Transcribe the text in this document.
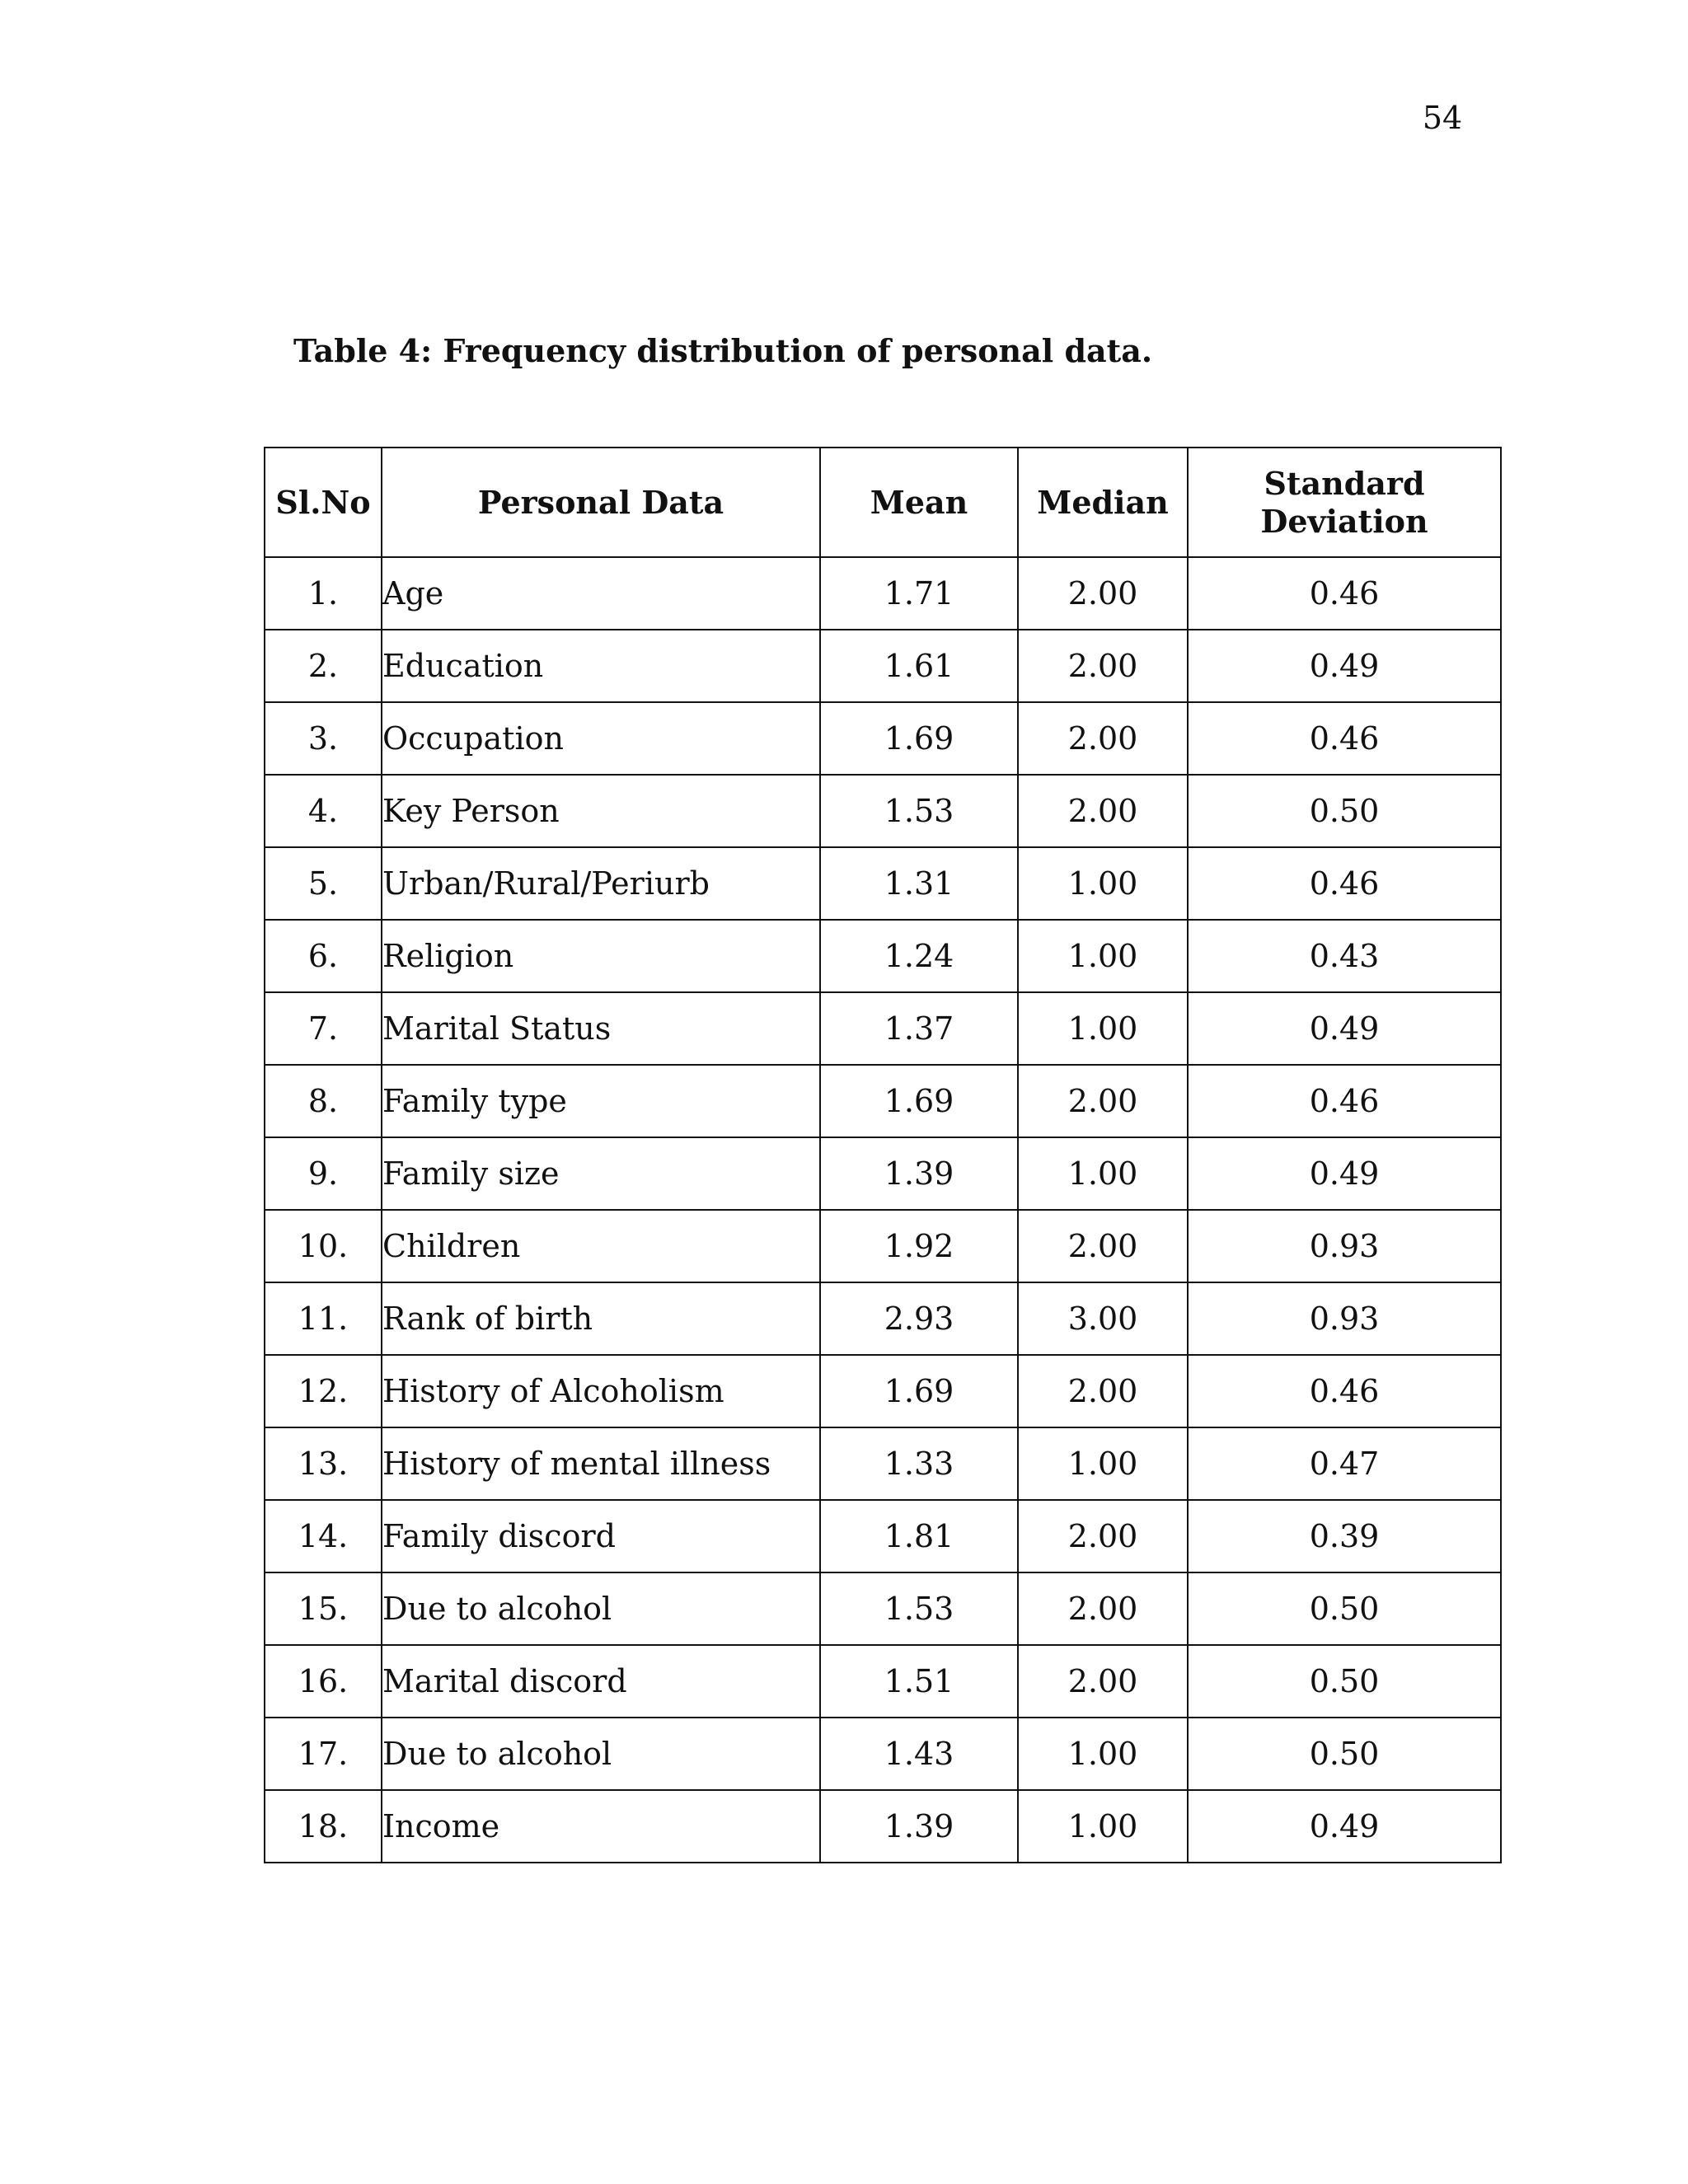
54
Table 4: Frequency distribution of personal data.
Sl.No	Personal Data	Mean	Median	Standard
Deviation

1.	Age	1.71	2.00	0.46
2.	Education	1.61	2.00	0.49
3.	Occupation	1.69	2.00	0.46
4.	Key Person	1.53	2.00	0.50
5.	Urban/Rural/Periurb	1.31	1.00	0.46
6.	Religion	1.24	1.00	0.43
7.	Marital Status	1.37	1.00	0.49
8.	Family type	1.69	2.00	0.46
9.	Family size	1.39	1.00	0.49
10.	Children	1.92	2.00	0.93
11.	Rank of birth	2.93	3.00	0.93
12.	History of Alcoholism	1.69	2.00	0.46
13.	History of mental illness	1.33	1.00	0.47
14.	Family discord	1.81	2.00	0.39
15.	Due to alcohol	1.53	2.00	0.50
16.	Marital discord	1.51	2.00	0.50
17.	Due to alcohol	1.43	1.00	0.50
18.	Income	1.39	1.00	0.49
